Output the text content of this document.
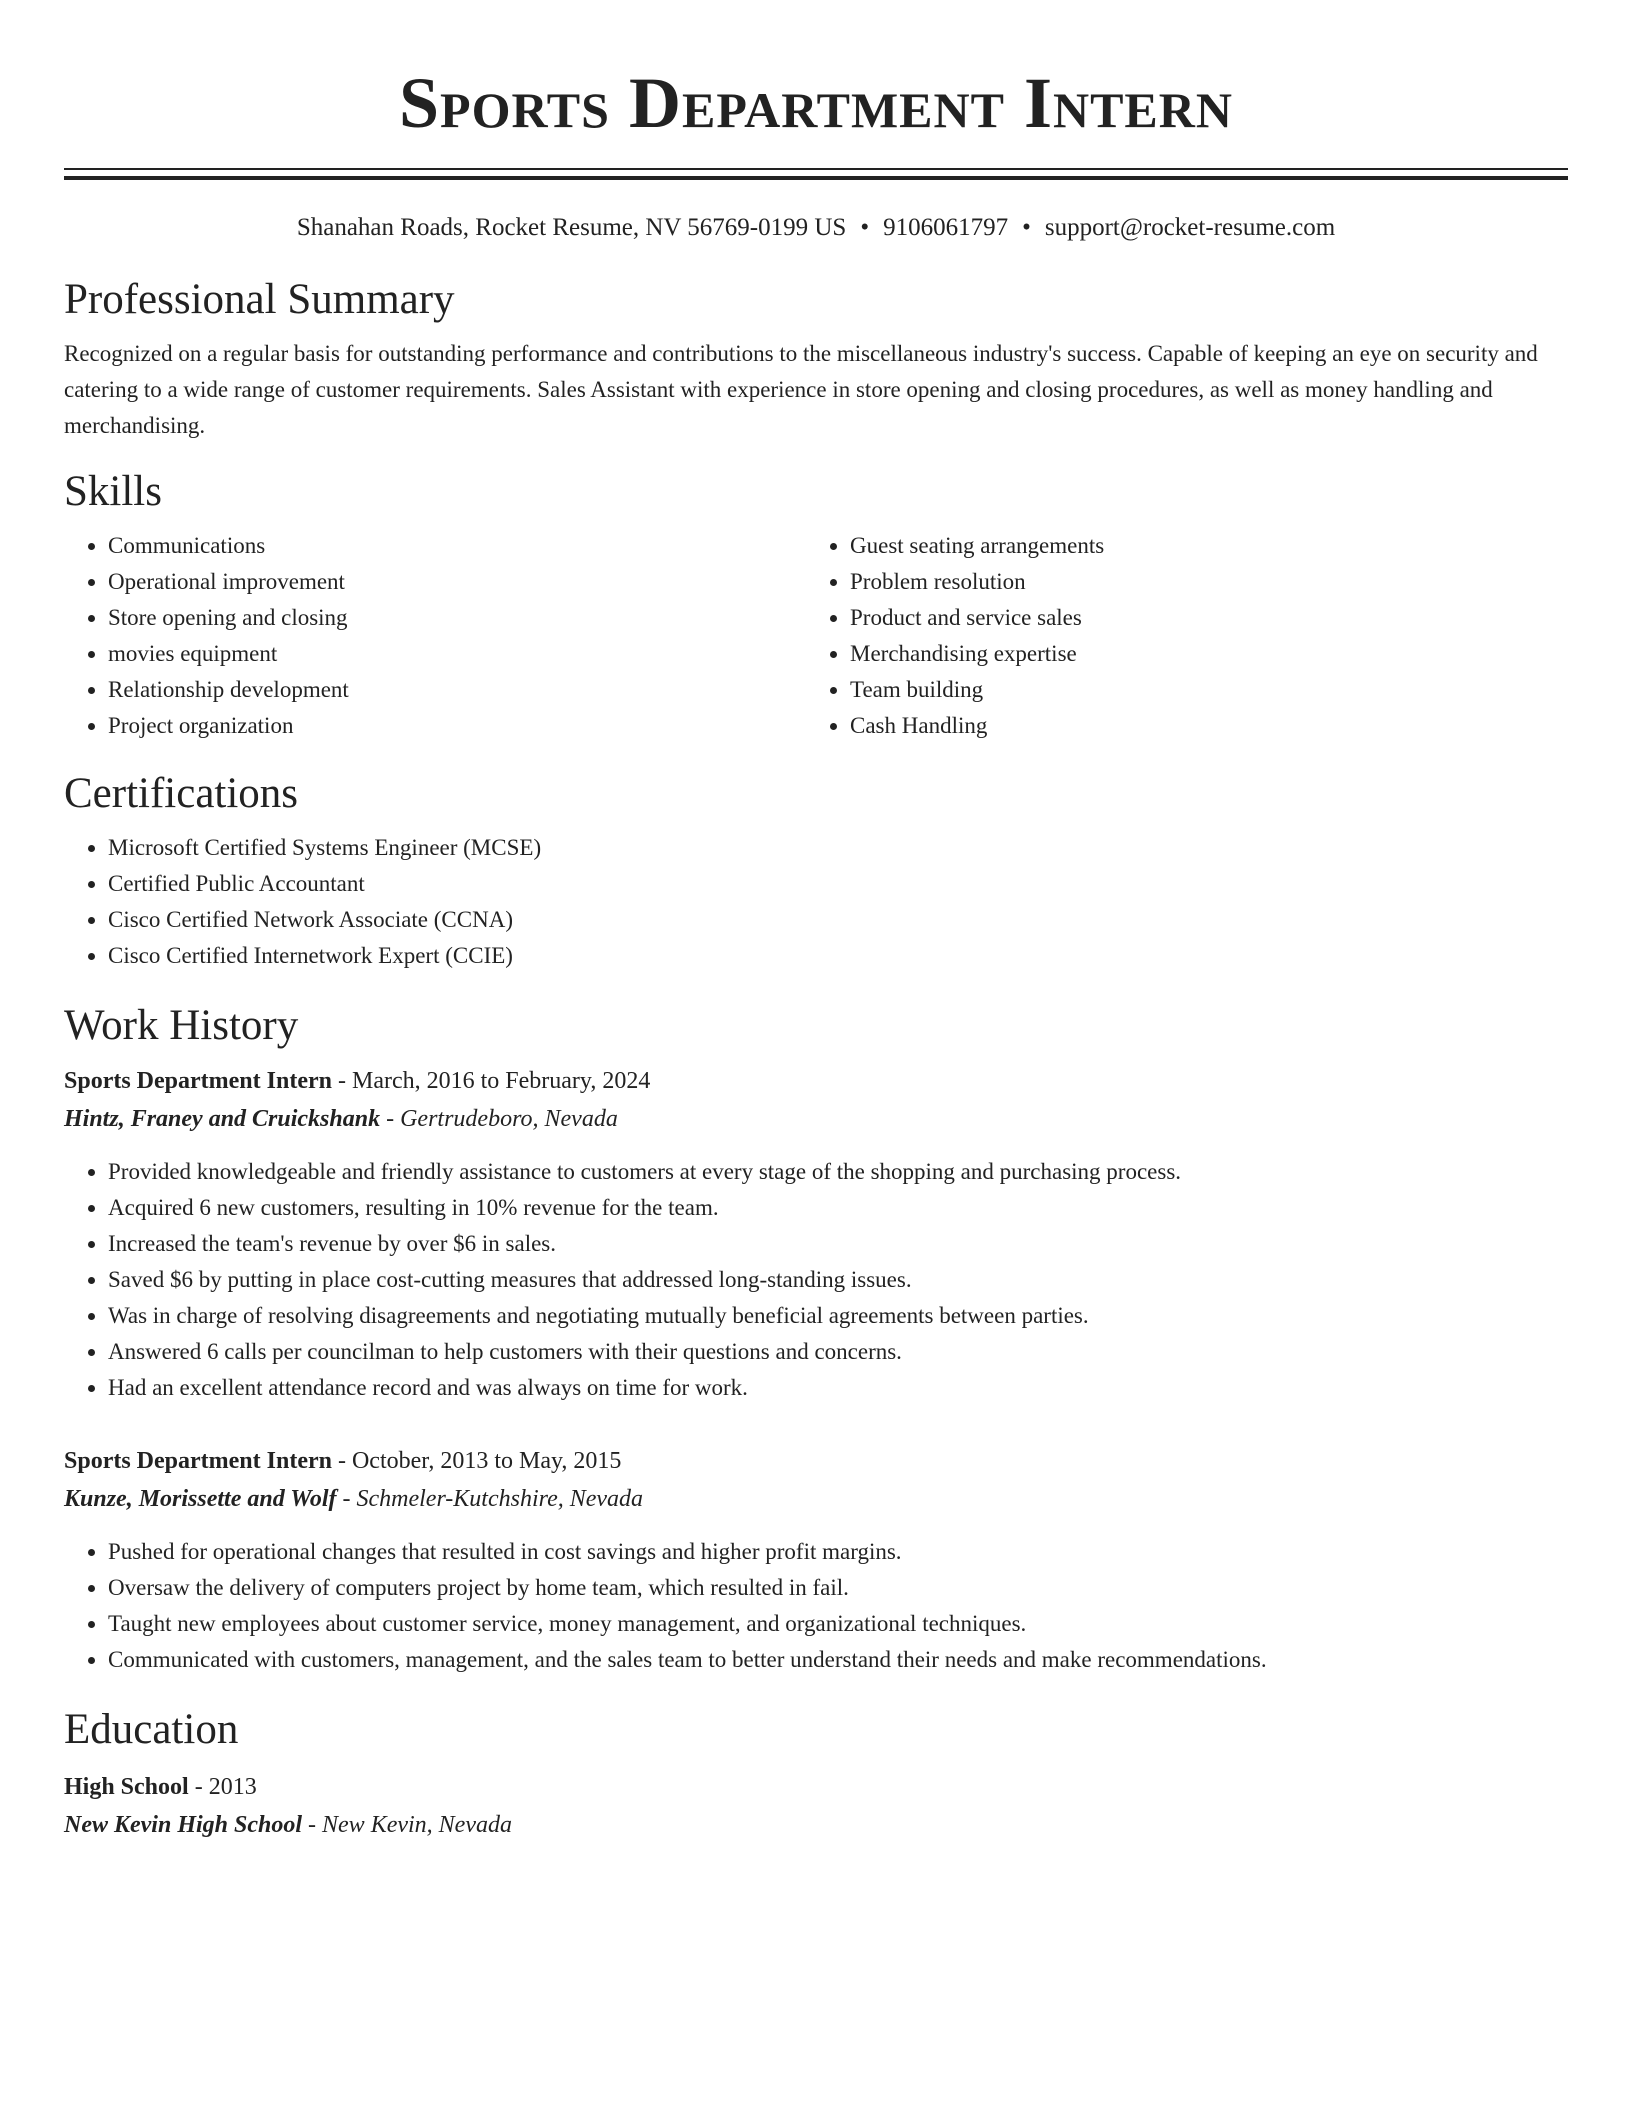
Sports Department Intern
Shanahan Roads, Rocket Resume, NV 56769-0199 US • 9106061797 • support@rocket-resume.com
Professional Summary

Recognized on a regular basis for outstanding performance and contributions to the miscellaneous industry's success. Capable of keeping an eye on security and catering to a wide range of customer requirements. Sales Assistant with experience in store opening and closing procedures, as well as money handling and merchandising.

Skills
• Communications
• Operational improvement
• Store opening and closing
• movies equipment
• Relationship development
• Project organization
• Guest seating arrangements
• Problem resolution
• Product and service sales
• Merchandising expertise
• Team building
• Cash Handling
Certifications
• Microsoft Certified Systems Engineer (MCSE)
• Certified Public Accountant
• Cisco Certified Network Associate (CCNA)
• Cisco Certified Internetwork Expert (CCIE)
Work History
Sports Department Intern - March, 2016 to February, 2024
Hintz, Franey and Cruickshank - Gertrudeboro, Nevada
• Provided knowledgeable and friendly assistance to customers at every stage of the shopping and purchasing process.
• Acquired 6 new customers, resulting in 10% revenue for the team.
• Increased the team's revenue by over $6 in sales.
• Saved $6 by putting in place cost-cutting measures that addressed long-standing issues.
• Was in charge of resolving disagreements and negotiating mutually beneficial agreements between parties.
• Answered 6 calls per councilman to help customers with their questions and concerns.
• Had an excellent attendance record and was always on time for work.
Sports Department Intern - October, 2013 to May, 2015
Kunze, Morissette and Wolf - Schmeler-Kutchshire, Nevada
• Pushed for operational changes that resulted in cost savings and higher profit margins.
• Oversaw the delivery of computers project by home team, which resulted in fail.
• Taught new employees about customer service, money management, and organizational techniques.
• Communicated with customers, management, and the sales team to better understand their needs and make recommendations.
Education
High School - 2013
New Kevin High School - New Kevin, Nevada
